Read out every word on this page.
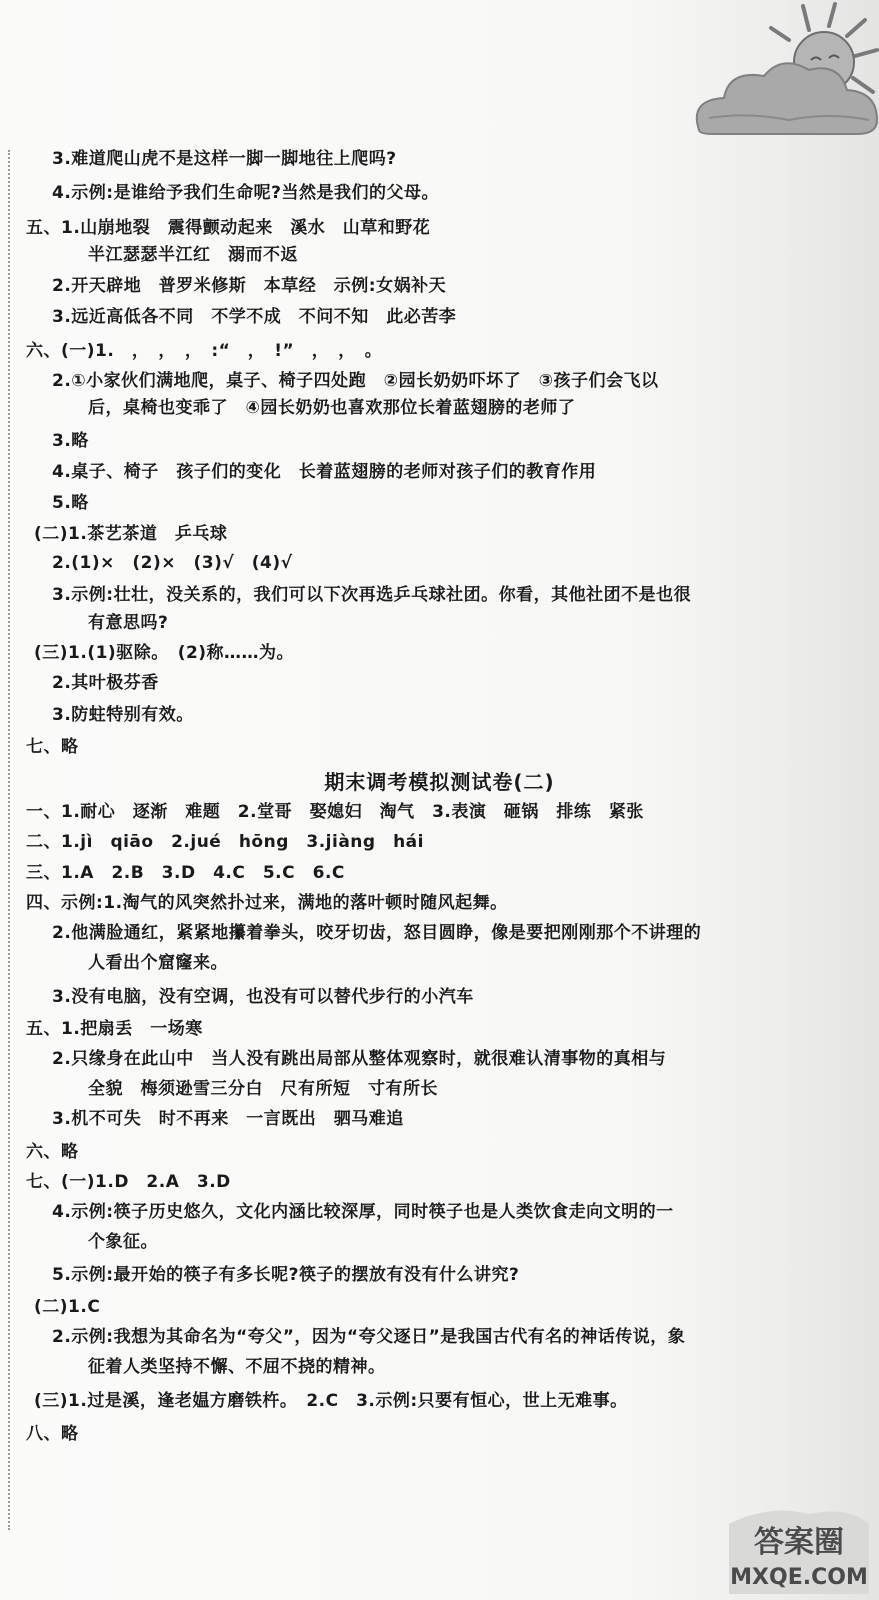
3.难道爬山虎不是这样一脚一脚地往上爬吗?
4.示例:是谁给予我们生命呢?当然是我们的父母。
五、1.山崩地裂　震得颤动起来　溪水　山草和野花
半江瑟瑟半江红　溺而不返
2.开天辟地　普罗米修斯　本草经　示例:女娲补天
3.远近高低各不同　不学不成　不问不知　此必苦李
六、(一)1.　，　，　，　:“　，　!”　，　，　。
2.①小家伙们满地爬，桌子、椅子四处跑　②园长奶奶吓坏了　③孩子们会飞以
后，桌椅也变乖了　④园长奶奶也喜欢那位长着蓝翅膀的老师了
3.略
4.桌子、椅子　孩子们的变化　长着蓝翅膀的老师对孩子们的教育作用
5.略
(二)1.茶艺茶道　乒乓球
2.(1)×　(2)×　(3)√　(4)√
3.示例:壮壮，没关系的，我们可以下次再选乒乓球社团。你看，其他社团不是也很
有意思吗?
(三)1.(1)驱除。　(2)称……为。
2.其叶极芬香
3.防蛀特别有效。
七、略
一、1.耐心　逐渐　难题　2.堂哥　娶媳妇　淘气　3.表演　砸锅　排练　紧张
二、1.jì　qiāo　2.jué　hōng　3.jiàng　hái
三、1.A　2.B　3.D　4.C　5.C　6.C
四、示例:1.淘气的风突然扑过来，满地的落叶顿时随风起舞。
2.他满脸通红，紧紧地攥着拳头，咬牙切齿，怒目圆睁，像是要把刚刚那个不讲理的
人看出个窟窿来。
3.没有电脑，没有空调，也没有可以替代步行的小汽车
五、1.把扇丢　一场寒
2.只缘身在此山中　当人没有跳出局部从整体观察时，就很难认清事物的真相与
全貌　梅须逊雪三分白　尺有所短　寸有所长
3.机不可失　时不再来　一言既出　驷马难追
六、略
七、(一)1.D　2.A　3.D
4.示例:筷子历史悠久，文化内涵比较深厚，同时筷子也是人类饮食走向文明的一
个象征。
5.示例:最开始的筷子有多长呢?筷子的摆放有没有什么讲究?
(二)1.C
2.示例:我想为其命名为“夸父”，因为“夸父逐日”是我国古代有名的神话传说，象
征着人类坚持不懈、不屈不挠的精神。
(三)1.过是溪，逢老媪方磨铁杵。　2.C　3.示例:只要有恒心，世上无难事。
八、略
期末调考模拟测试卷(二)
答案圈
MXQE.COM
